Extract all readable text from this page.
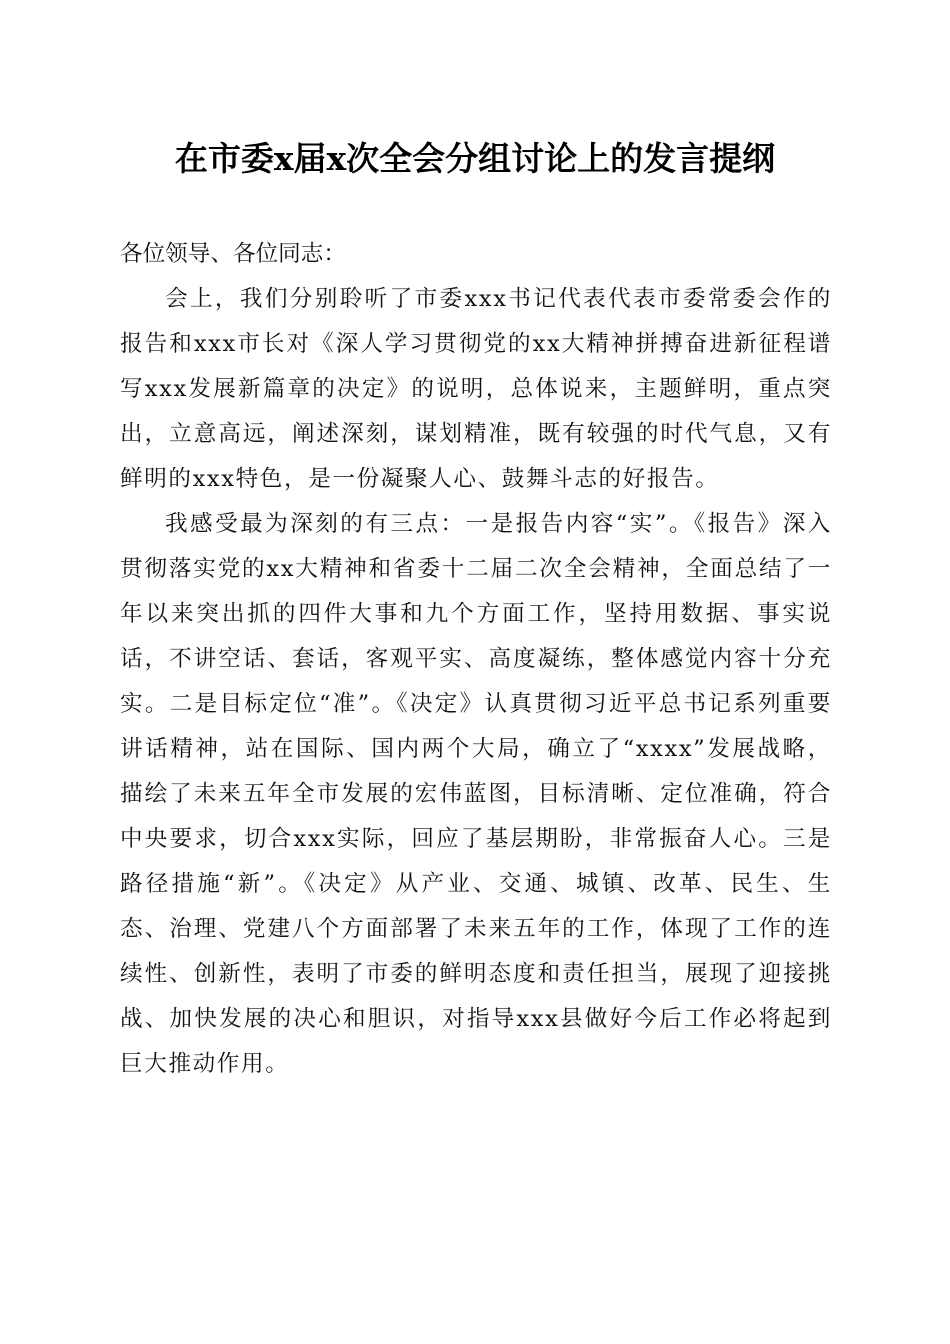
在市委x届x次全会分组讨论上的发言提纲

各位领导、各位同志：

会上，我们分别聆听了市委xxx书记代表代表市委常委会作的报告和xxx市长对《深人学习贯彻党的xx大精神拼搏奋进新征程谱写xxx发展新篇章的决定》的说明，总体说来，主题鲜明，重点突出，立意高远，阐述深刻，谋划精准，既有较强的时代气息，又有鲜明的xxx特色，是一份凝聚人心、鼓舞斗志的好报告。

我感受最为深刻的有三点：一是报告内容“实”。《报告》深入贯彻落实党的xx大精神和省委十二届二次全会精神，全面总结了一年以来突出抓的四件大事和九个方面工作，坚持用数据、事实说话，不讲空话、套话，客观平实、高度凝练，整体感觉内容十分充实。二是目标定位“准”。《决定》认真贯彻习近平总书记系列重要讲话精神，站在国际、国内两个大局，确立了“xxxx”发展战略，描绘了未来五年全市发展的宏伟蓝图，目标清晰、定位准确，符合中央要求，切合xxx实际，回应了基层期盼，非常振奋人心。三是路径措施“新”。《决定》从产业、交通、城镇、改革、民生、生态、治理、党建八个方面部署了未来五年的工作，体现了工作的连续性、创新性，表明了市委的鲜明态度和责任担当，展现了迎接挑战、加快发展的决心和胆识，对指导xxx县做好今后工作必将起到巨大推动作用。
